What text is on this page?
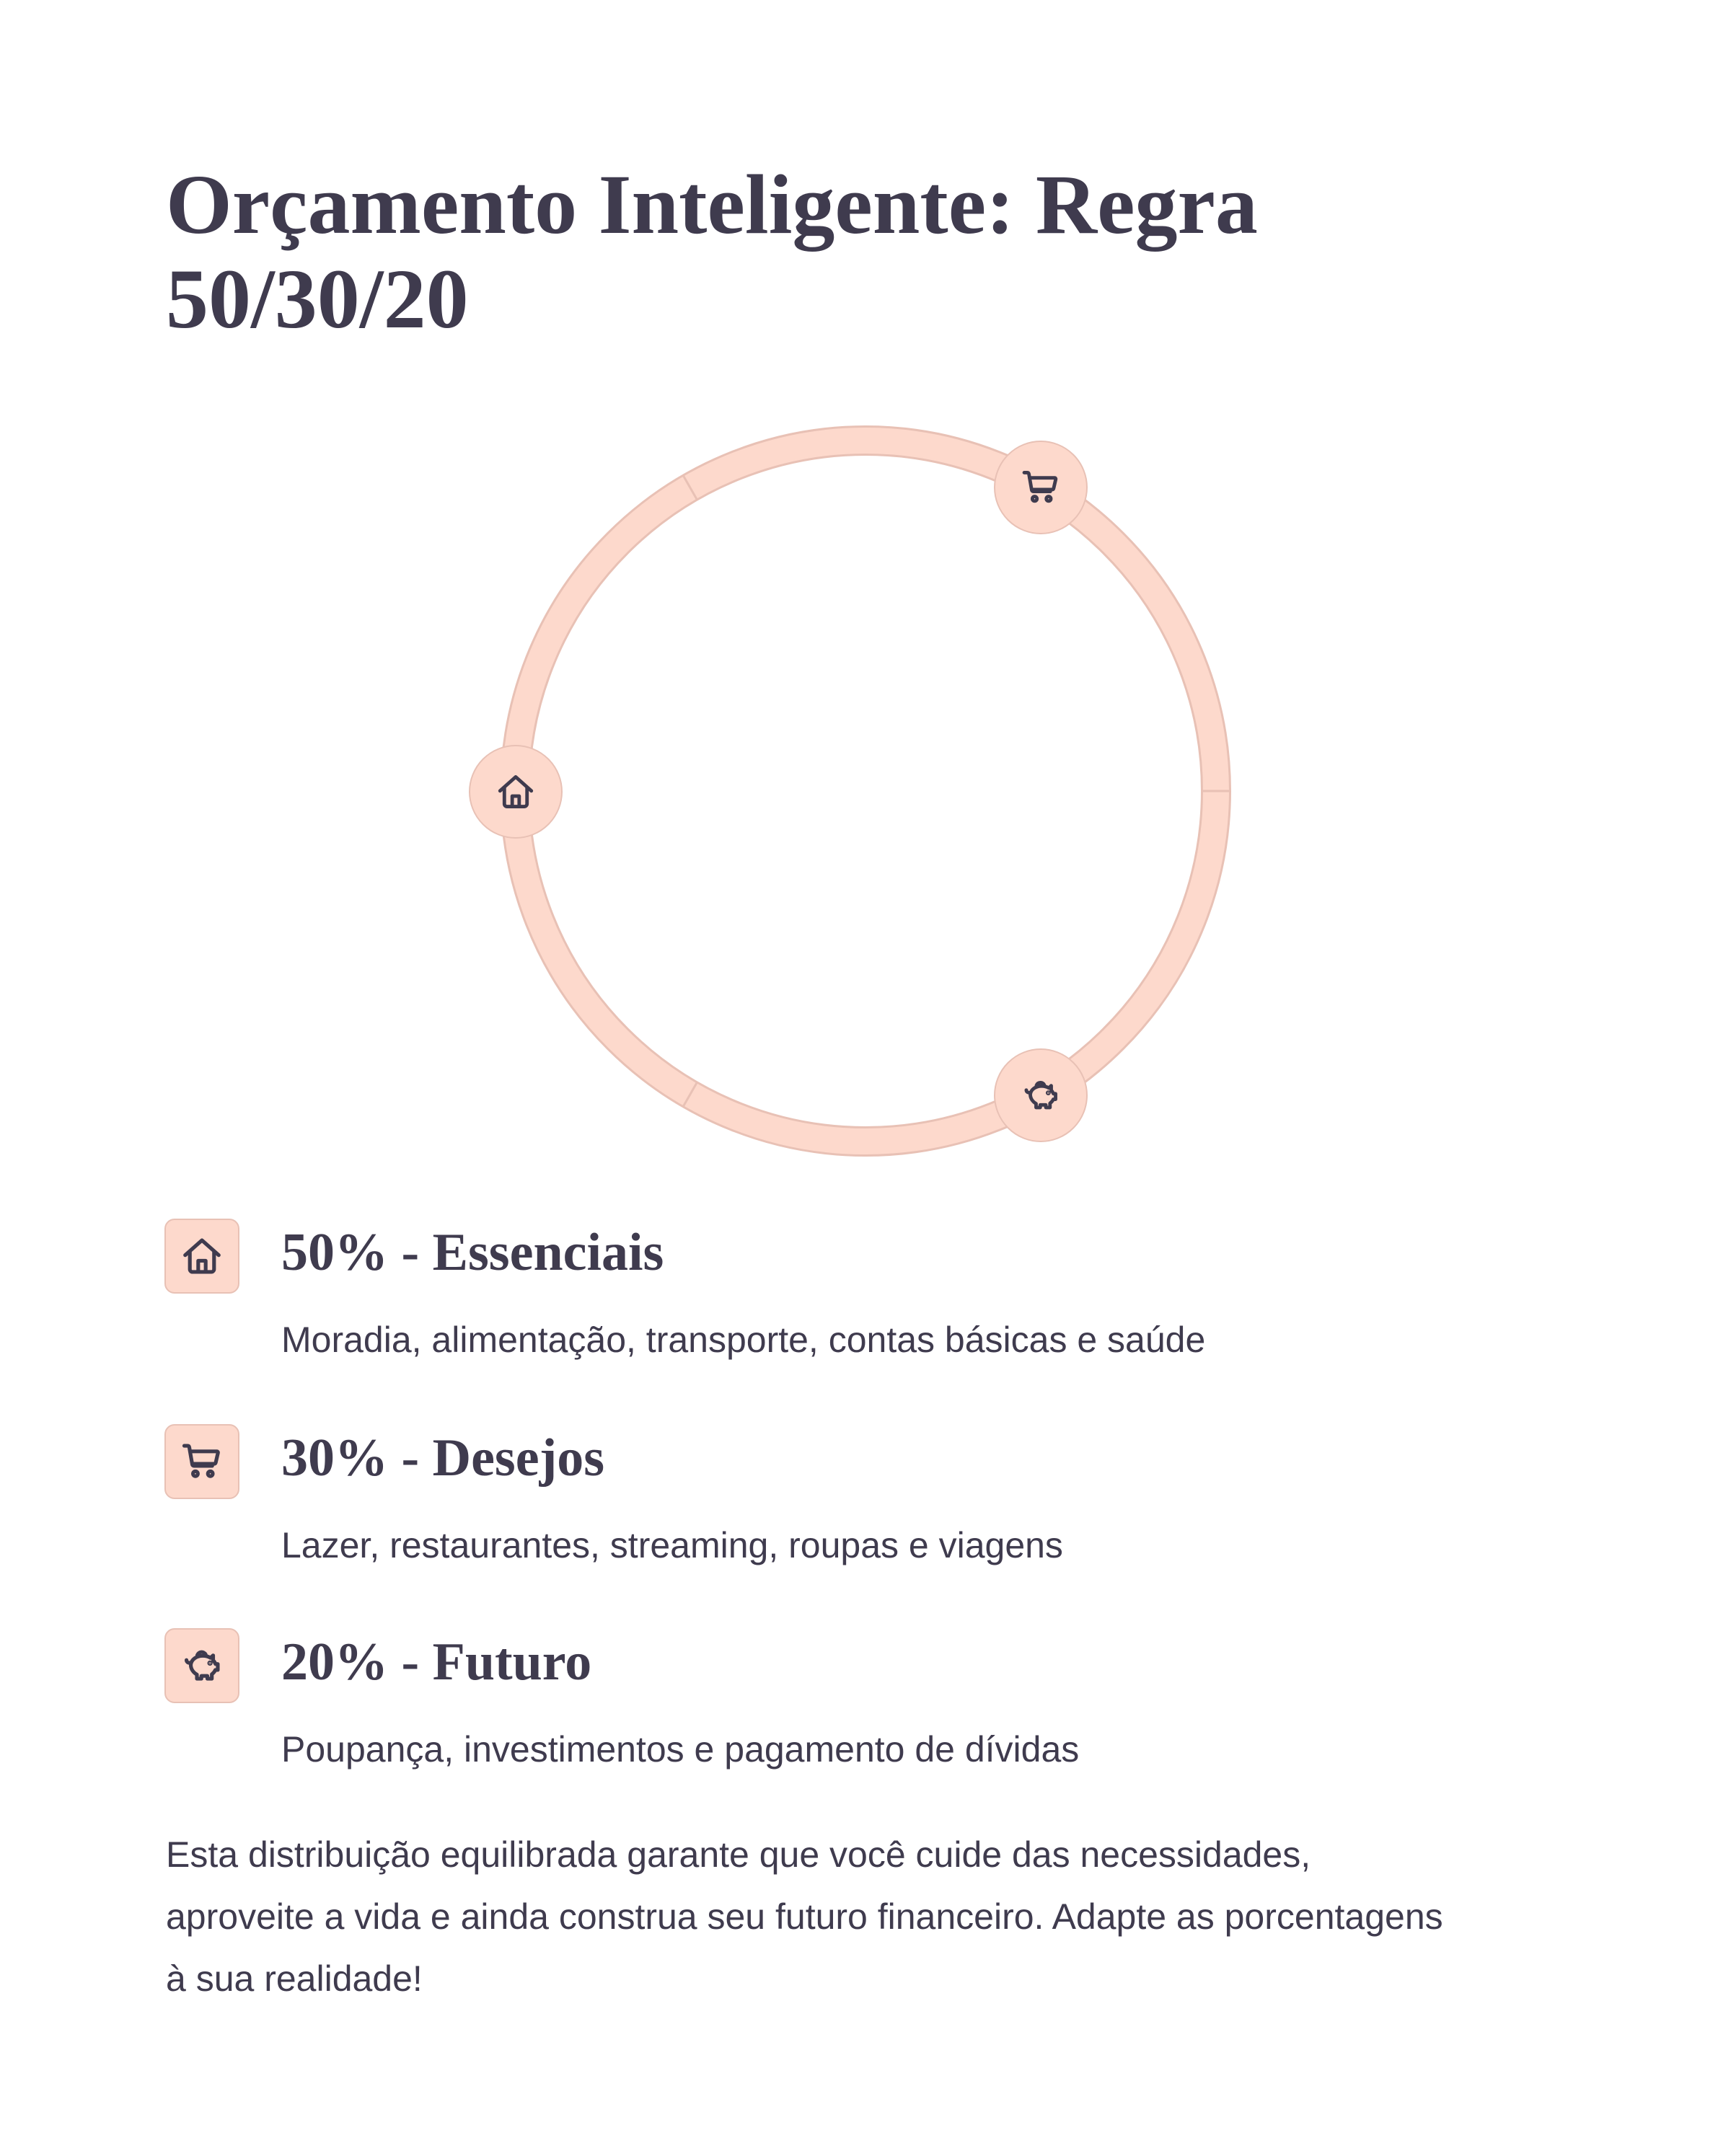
Orçamento Inteligente: Regra 50/30/20
50% - Essenciais

Moradia, alimentação, transporte, contas básicas e saúde

30% - Desejos

Lazer, restaurantes, streaming, roupas e viagens

20% - Futuro

Poupança, investimentos e pagamento de dívidas

Esta distribuição equilibrada garante que você cuide das necessidades, aproveite a vida e ainda construa seu futuro financeiro. Adapte as porcentagens à sua realidade!
